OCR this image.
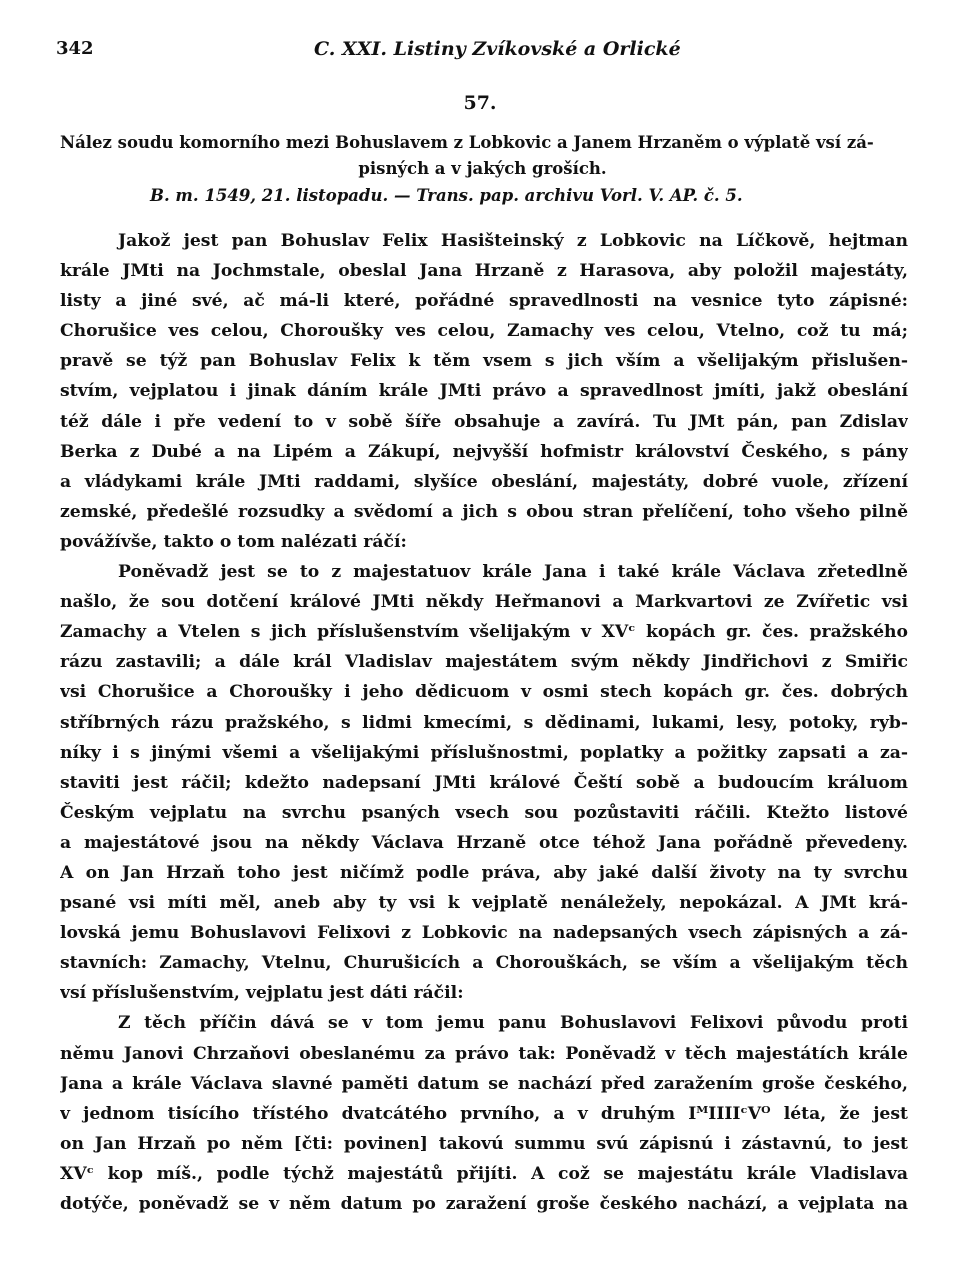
342	C. XXI. Listiny Zvíkovské a Orlické
57.
Nález soudu komorního mezi Bohuslavem z Lobkovic a Janem Hrzaněm o výplatě vsí zá-
pisných a v jakých groších.
B. m. 1549, 21. listopadu. — Trans. pap. archivu Vorl. V. AP. č. 5.
Jakož jest pan Bohuslav Felix Hasišteinský z Lobkovic na Líčkově, hejtman
krále JMti na Jochmstale, obeslal Jana Hrzaně z Harasova, aby položil majestáty,
listy a jiné své, ač má-li které, pořádné spravedlnosti na vesnice tyto zápisné:
Chorušice ves celou, Chorouškу ves celou, Zamachy ves celou, Vtelno, což tu má;
pravě se týž pan Bohuslav Felix k těm vsem s jich vším a všelijakým přislušen-
stvím, vejplatou i jinak dáním krále JMti právo a spravedlnost jmíti, jakž obeslání
též dále i pře vedení to v sobě šíře obsahuje a zavírá. Tu JMt pán, pan Zdislav
Berka z Dubé a na Lipém a Zákupí, nejvyšší hofmistr království Českého, s pány
a vládykami krále JMti raddami, slyšíce obeslání, majestáty, dobré vuole, zřízení
zemské, předešlé rozsudky a svědomí a jich s obou stran přelíčení, toho všeho pilně
povážívše, takto o tom nalézati ráčí:
Poněvadž jest se to z majestatuov krále Jana i také krále Václava zřetedlně
našlo, že sou dotčení králové JMti někdy Heřmanovi a Markvartovi ze Zvířetic vsi
Zamachy a Vtelen s jich příslušenstvím všelijakým v XVᶜ kopách gr. čes. pražského
rázu zastavili; a dále král Vladislav majestátem svým někdy Jindřichovi z Smiřic
vsi Chorušice a Chorouškу i jeho dědicuom v osmi stech kopách gr. čes. dobrých
stříbrných rázu pražského, s lidmi kmecími, s dědinami, lukami, lesy, potoky, ryb-
níky i s jinými všemi a všelijakými příslušnostmi, poplatky a požitky zapsati a za-
staviti jest ráčil; kdežto nadepsaní JMti králové Čeští sobě a budoucím králuom
Českým vejplatu na svrchu psaných vsech sou pozůstaviti ráčili. Ktežto listové
a majestátové jsou na někdy Václava Hrzaně otce téhož Jana pořádně převedeny.
A on Jan Hrzaň toho jest ničímž podle práva, aby jaké další životy na ty svrchu
psané vsi míti měl, aneb aby ty vsi k vejplatě nenáležely, nepokázal. A JMt krá-
lovská jemu Bohuslavovi Felixovi z Lobkovic na nadepsaných vsech zápisných a zá-
stavních: Zamachy, Vtelnu, Churušicích a Chorouškách, se vším a všelijakým těch
vsí příslušenstvím, vejplatu jest dáti ráčil:
Z těch příčin dává se v tom jemu panu Bohuslavovi Felixovi původu proti
němu Janovi Chrzaňovi obeslanému za právo tak: Poněvadž v těch majestátích krále
Jana a krále Václava slavné paměti datum se nachází před zaražením groše českého,
v jednom tisícího třístého dvatcátého prvního, a v druhým IᴹIIIIᶜVᴼ léta, že jest
on Jan Hrzaň po něm [čti: povinen] takovú summu svú zápisnú i zástavnú, to jest
XVᶜ kop míš., podle týchž majestátů přijíti. A což se majestátu krále Vladislava
dotýče, poněvadž se v něm datum po zaražení groše českého nachází, a vejplata na
